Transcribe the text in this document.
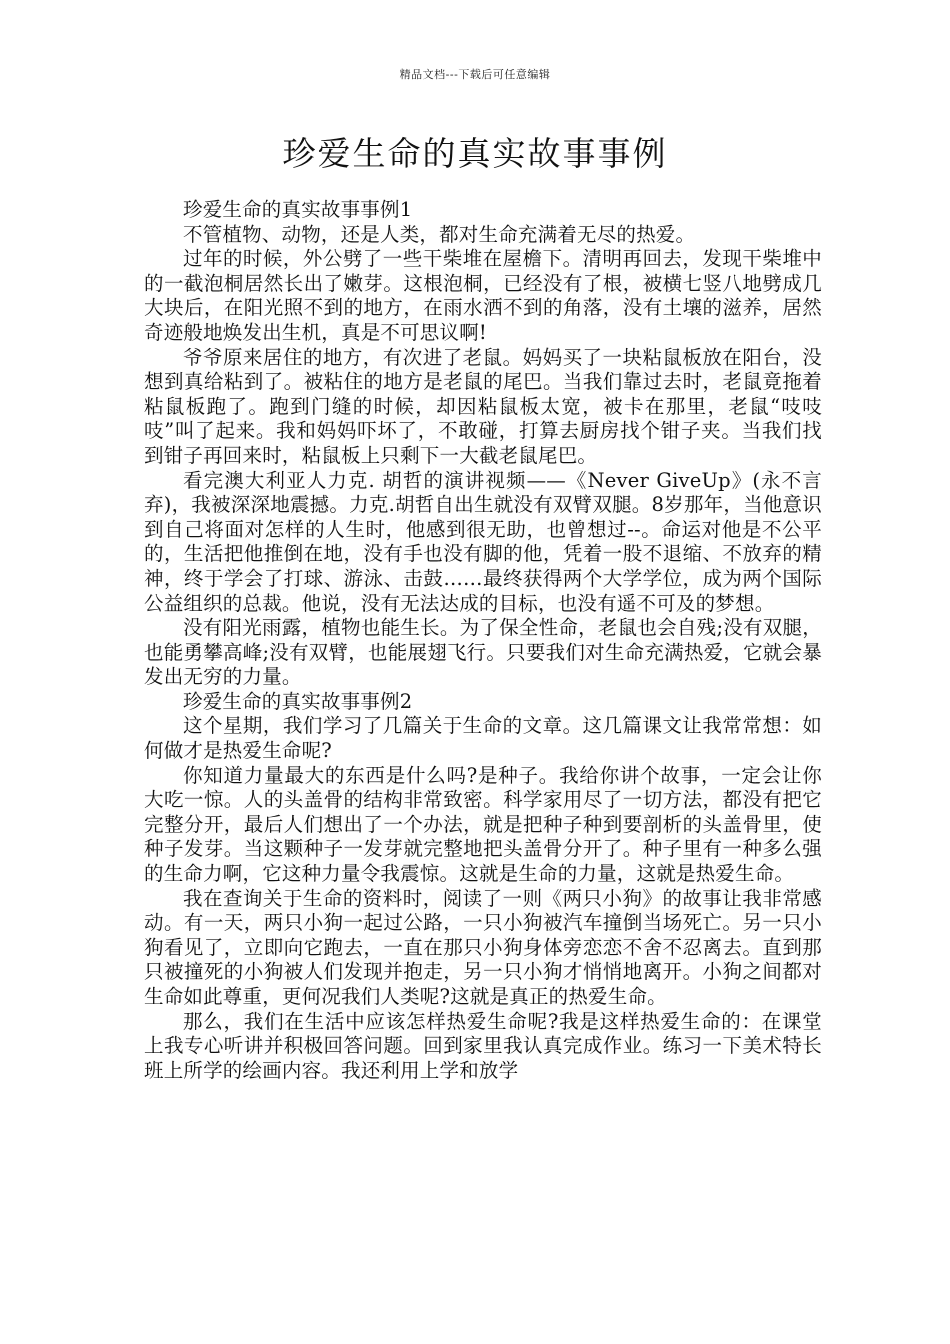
精品文档---下载后可任意编辑
珍爱生命的真实故事事例

珍爱生命的真实故事事例1

不管植物、动物，还是人类，都对生命充满着无尽的热爱。

过年的时候，外公劈了一些干柴堆在屋檐下。清明再回去，发现干柴堆中的一截泡桐居然长出了嫩芽。这根泡桐，已经没有了根，被横七竖八地劈成几大块后，在阳光照不到的地方，在雨水洒不到的角落，没有土壤的滋养，居然奇迹般地焕发出生机，真是不可思议啊!

爷爷原来居住的地方，有次进了老鼠。妈妈买了一块粘鼠板放在阳台，没想到真给粘到了。被粘住的地方是老鼠的尾巴。当我们靠过去时，老鼠竟拖着粘鼠板跑了。跑到门缝的时候，却因粘鼠板太宽，被卡在那里，老鼠“吱吱吱”叫了起来。我和妈妈吓坏了，不敢碰，打算去厨房找个钳子夹。当我们找到钳子再回来时，粘鼠板上只剩下一大截老鼠尾巴。

看完澳大利亚人力克. 胡哲的演讲视频——《Never GiveUp》(永不言弃)，我被深深地震撼。力克.胡哲自出生就没有双臂双腿。8岁那年，当他意识到自己将面对怎样的人生时，他感到很无助，也曾想过--。命运对他是不公平的，生活把他推倒在地，没有手也没有脚的他，凭着一股不退缩、不放弃的精神，终于学会了打球、游泳、击鼓……最终获得两个大学学位，成为两个国际公益组织的总裁。他说，没有无法达成的目标，也没有遥不可及的梦想。

没有阳光雨露，植物也能生长。为了保全性命，老鼠也会自残;没有双腿，也能勇攀高峰;没有双臂，也能展翅飞行。只要我们对生命充满热爱，它就会暴发出无穷的力量。

珍爱生命的真实故事事例2

这个星期，我们学习了几篇关于生命的文章。这几篇课文让我常常想：如何做才是热爱生命呢?

你知道力量最大的东西是什么吗?是种子。我给你讲个故事，一定会让你大吃一惊。人的头盖骨的结构非常致密。科学家用尽了一切方法，都没有把它完整分开，最后人们想出了一个办法，就是把种子种到要剖析的头盖骨里，使种子发芽。当这颗种子一发芽就完整地把头盖骨分开了。种子里有一种多么强的生命力啊，它这种力量令我震惊。这就是生命的力量，这就是热爱生命。

我在查询关于生命的资料时，阅读了一则《两只小狗》的故事让我非常感动。有一天，两只小狗一起过公路，一只小狗被汽车撞倒当场死亡。另一只小狗看见了，立即向它跑去，一直在那只小狗身体旁恋恋不舍不忍离去。直到那只被撞死的小狗被人们发现并抱走，另一只小狗才悄悄地离开。小狗之间都对生命如此尊重，更何况我们人类呢?这就是真正的热爱生命。

那么，我们在生活中应该怎样热爱生命呢?我是这样热爱生命的：在课堂上我专心听讲并积极回答问题。回到家里我认真完成作业。练习一下美术特长班上所学的绘画内容。我还利用上学和放学
